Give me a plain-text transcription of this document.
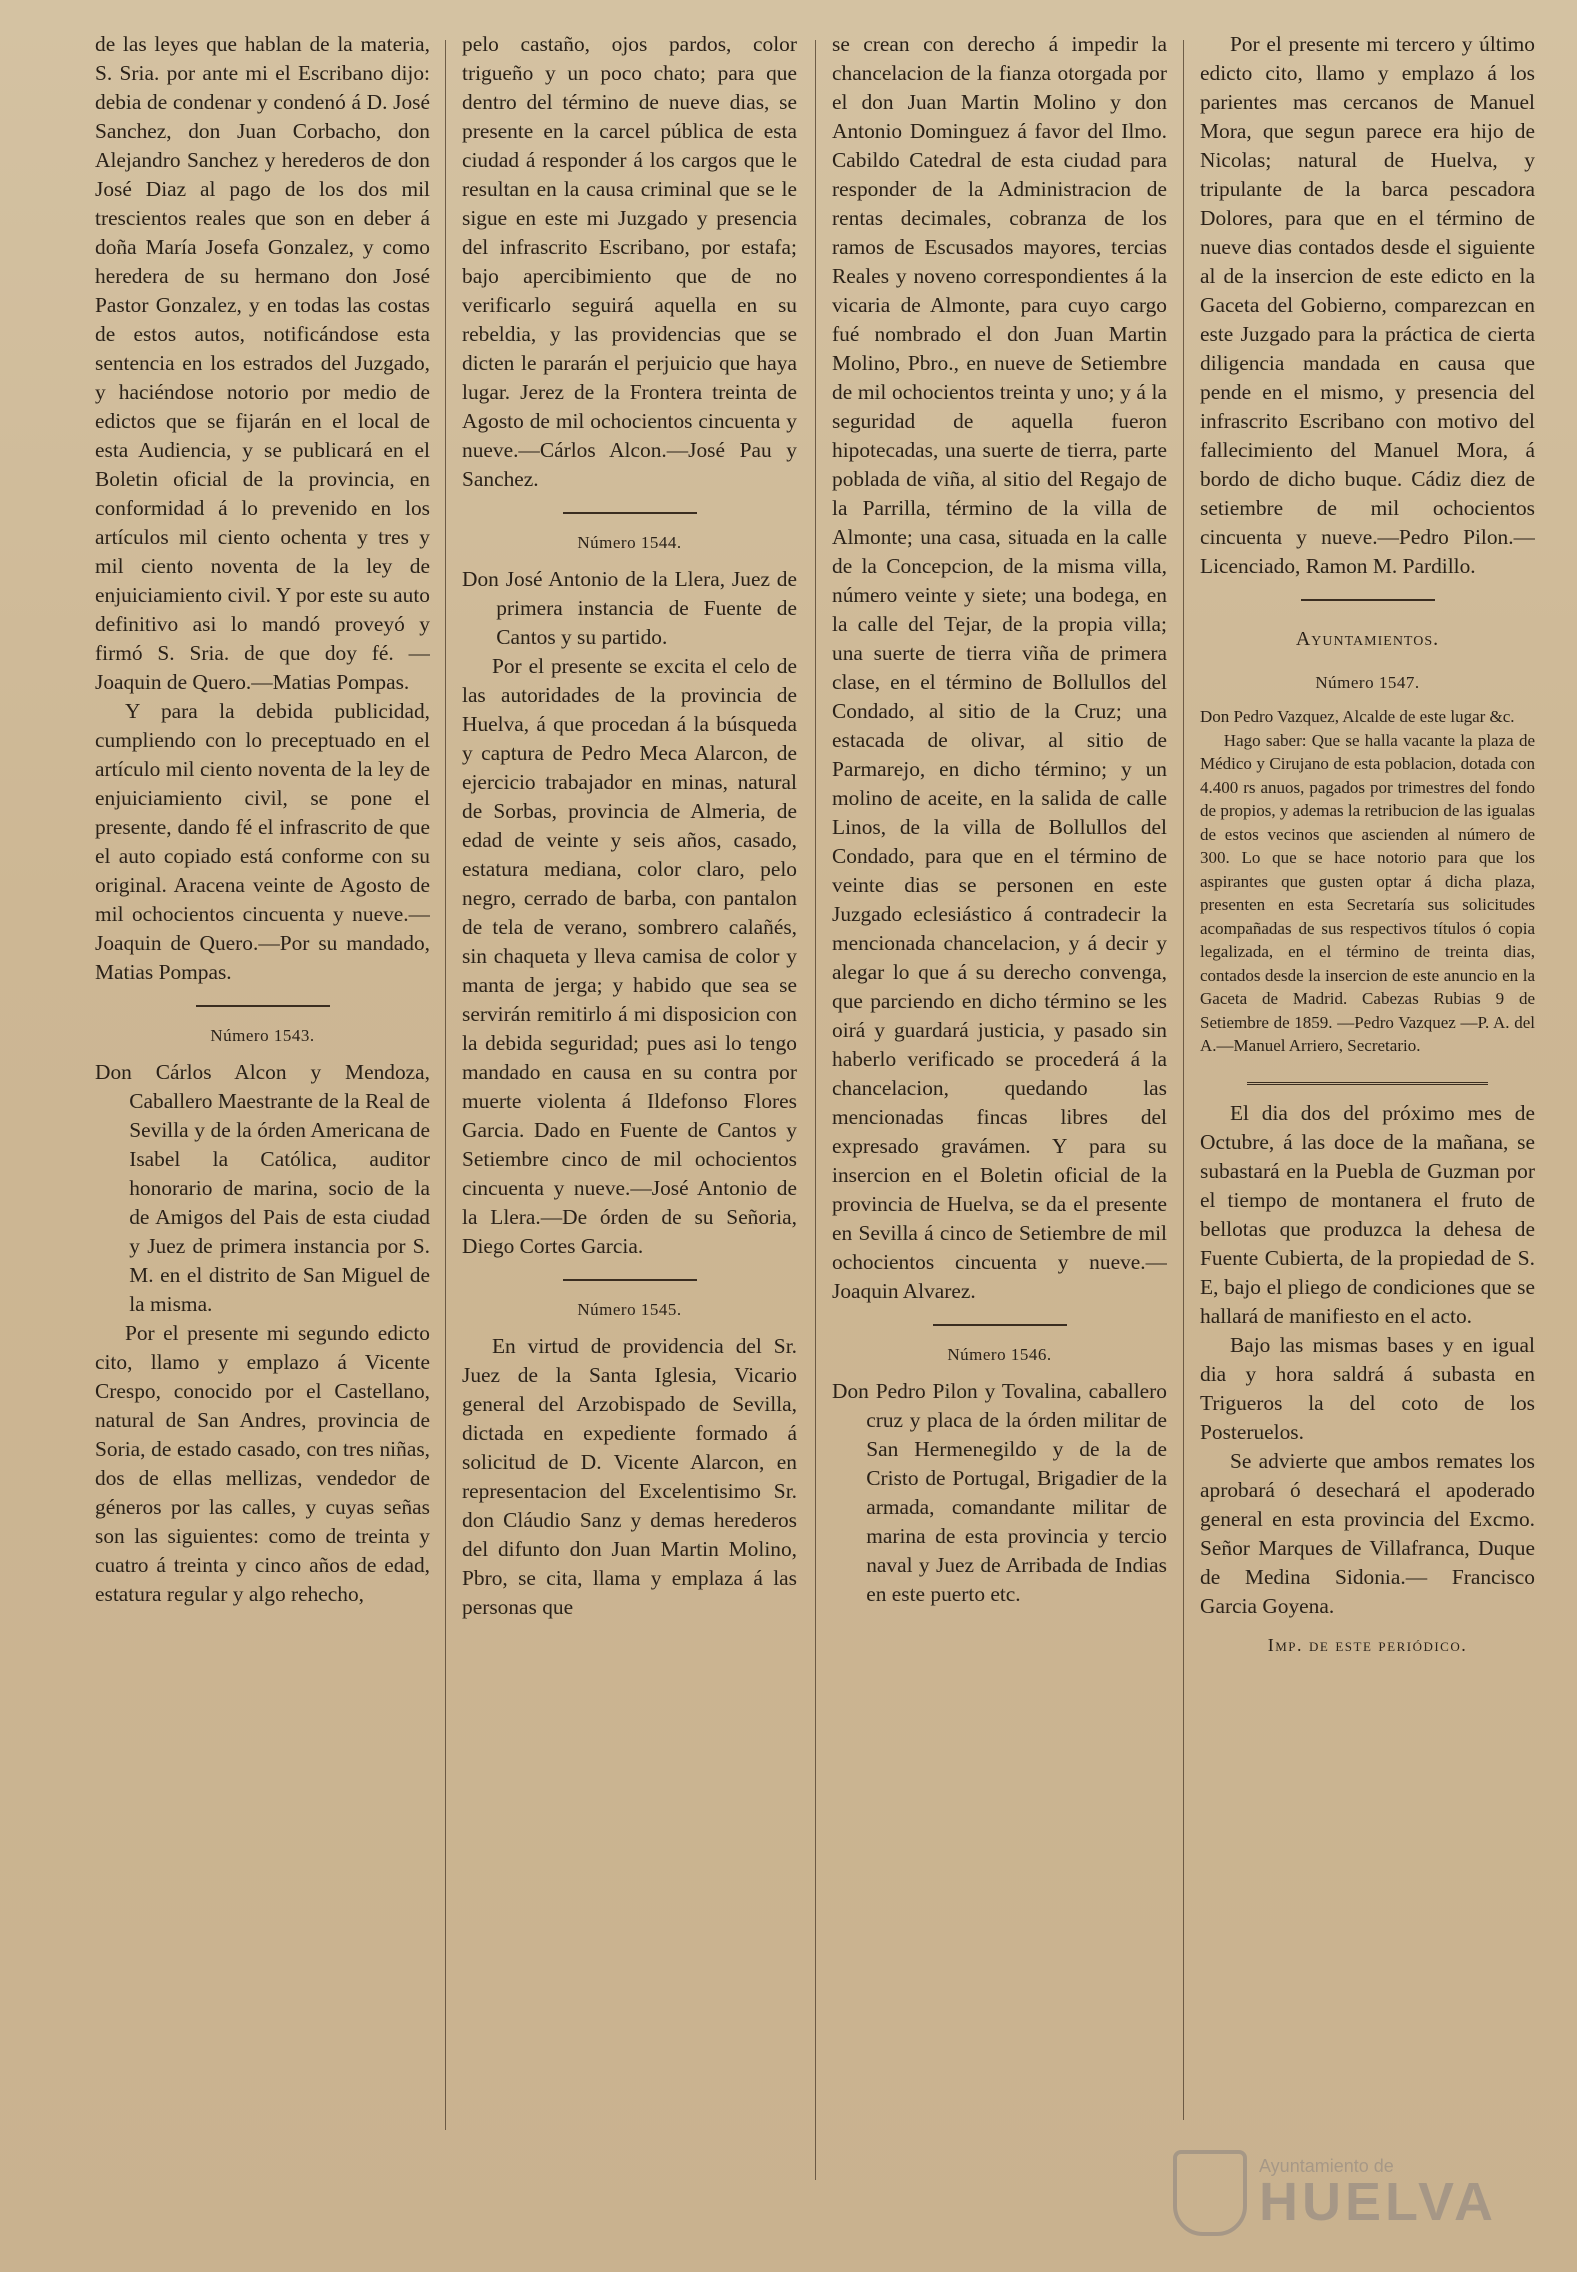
de las leyes que hablan de la materia, S. Sria. por ante mi el Escribano dijo: debia de condenar y condenó á D. José Sanchez, don Juan Corbacho, don Alejandro Sanchez y herederos de don José Diaz al pago de los dos mil trescientos reales que son en deber á doña María Josefa Gonzalez, y como heredera de su hermano don José Pastor Gonzalez, y en todas las costas de estos autos, notificándose esta sentencia en los estrados del Juzgado, y haciéndose notorio por medio de edictos que se fijarán en el local de esta Audiencia, y se publicará en el Boletin oficial de la provincia, en conformidad á lo prevenido en los artículos mil ciento ochenta y tres y mil ciento noventa de la ley de enjuiciamiento civil. Y por este su auto definitivo asi lo mandó proveyó y firmó S. Sria. de que doy fé. —Joaquin de Quero.—Matias Pompas.

Y para la debida publicidad, cumpliendo con lo preceptuado en el artículo mil ciento noventa de la ley de enjuiciamiento civil, se pone el presente, dando fé el infrascrito de que el auto copiado está conforme con su original. Aracena veinte de Agosto de mil ochocientos cincuenta y nueve.—Joaquin de Quero.—Por su mandado, Matias Pompas.

Número 1543.

Don Cárlos Alcon y Mendoza, Caballero Maestrante de la Real de Sevilla y de la órden Americana de Isabel la Católica, auditor honorario de marina, socio de la de Amigos del Pais de esta ciudad y Juez de primera instancia por S. M. en el distrito de San Miguel de la misma.

Por el presente mi segundo edicto cito, llamo y emplazo á Vicente Crespo, conocido por el Castellano, natural de San Andres, provincia de Soria, de estado casado, con tres niñas, dos de ellas mellizas, vendedor de géneros por las calles, y cuyas señas son las siguientes: como de treinta y cuatro á treinta y cinco años de edad, estatura regular y algo rehecho,

pelo castaño, ojos pardos, color trigueño y un poco chato; para que dentro del término de nueve dias, se presente en la carcel pública de esta ciudad á responder á los cargos que le resultan en la causa criminal que se le sigue en este mi Juzgado y presencia del infrascrito Escribano, por estafa; bajo apercibimiento que de no verificarlo seguirá aquella en su rebeldia, y las providencias que se dicten le pararán el perjuicio que haya lugar. Jerez de la Frontera treinta de Agosto de mil ochocientos cincuenta y nueve.—Cárlos Alcon.—José Pau y Sanchez.

Número 1544.

Don José Antonio de la Llera, Juez de primera instancia de Fuente de Cantos y su partido.

Por el presente se excita el celo de las autoridades de la provincia de Huelva, á que procedan á la búsqueda y captura de Pedro Meca Alarcon, de ejercicio trabajador en minas, natural de Sorbas, provincia de Almeria, de edad de veinte y seis años, casado, estatura mediana, color claro, pelo negro, cerrado de barba, con pantalon de tela de verano, sombrero calañés, sin chaqueta y lleva camisa de color y manta de jerga; y habido que sea se servirán remitirlo á mi disposicion con la debida seguridad; pues asi lo tengo mandado en causa en su contra por muerte violenta á Ildefonso Flores Garcia. Dado en Fuente de Cantos y Setiembre cinco de mil ochocientos cincuenta y nueve.—José Antonio de la Llera.—De órden de su Señoria, Diego Cortes Garcia.

Número 1545.

En virtud de providencia del Sr. Juez de la Santa Iglesia, Vicario general del Arzobispado de Sevilla, dictada en expediente formado á solicitud de D. Vicente Alarcon, en representacion del Excelentisimo Sr. don Cláudio Sanz y demas herederos del difunto don Juan Martin Molino, Pbro, se cita, llama y emplaza á las personas que

se crean con derecho á impedir la chancelacion de la fianza otorgada por el don Juan Martin Molino y don Antonio Dominguez á favor del Ilmo. Cabildo Catedral de esta ciudad para responder de la Administracion de rentas decimales, cobranza de los ramos de Escusados mayores, tercias Reales y noveno correspondientes á la vicaria de Almonte, para cuyo cargo fué nombrado el don Juan Martin Molino, Pbro., en nueve de Setiembre de mil ochocientos treinta y uno; y á la seguridad de aquella fueron hipotecadas, una suerte de tierra, parte poblada de viña, al sitio del Regajo de la Parrilla, término de la villa de Almonte; una casa, situada en la calle de la Concepcion, de la misma villa, número veinte y siete; una bodega, en la calle del Tejar, de la propia villa; una suerte de tierra viña de primera clase, en el término de Bollullos del Condado, al sitio de la Cruz; una estacada de olivar, al sitio de Parmarejo, en dicho término; y un molino de aceite, en la salida de calle Linos, de la villa de Bollullos del Condado, para que en el término de veinte dias se personen en este Juzgado eclesiástico á contradecir la mencionada chancelacion, y á decir y alegar lo que á su derecho convenga, que parciendo en dicho término se les oirá y guardará justicia, y pasado sin haberlo verificado se procederá á la chancelacion, quedando las mencionadas fincas libres del expresado gravámen. Y para su insercion en el Boletin oficial de la provincia de Huelva, se da el presente en Sevilla á cinco de Setiembre de mil ochocientos cincuenta y nueve.—Joaquin Alvarez.

Número 1546.

Don Pedro Pilon y Tovalina, caballero cruz y placa de la órden militar de San Hermenegildo y de la de Cristo de Portugal, Brigadier de la armada, comandante militar de marina de esta provincia y tercio naval y Juez de Arribada de Indias en este puerto etc.

Por el presente mi tercero y último edicto cito, llamo y emplazo á los parientes mas cercanos de Manuel Mora, que segun parece era hijo de Nicolas; natural de Huelva, y tripulante de la barca pescadora Dolores, para que en el término de nueve dias contados desde el siguiente al de la insercion de este edicto en la Gaceta del Gobierno, comparezcan en este Juzgado para la práctica de cierta diligencia mandada en causa que pende en el mismo, y presencia del infrascrito Escribano con motivo del fallecimiento del Manuel Mora, á bordo de dicho buque. Cádiz diez de setiembre de mil ochocientos cincuenta y nueve.—Pedro Pilon.—Licenciado, Ramon M. Pardillo.

Ayuntamientos.
Número 1547.

Don Pedro Vazquez, Alcalde de este lugar &c.

Hago saber: Que se halla vacante la plaza de Médico y Cirujano de esta poblacion, dotada con 4.400 rs anuos, pagados por trimestres del fondo de propios, y ademas la retribucion de las igualas de estos vecinos que ascienden al número de 300. Lo que se hace notorio para que los aspirantes que gusten optar á dicha plaza, presenten en esta Secretaría sus solicitudes acompañadas de sus respectivos títulos ó copia legalizada, en el término de treinta dias, contados desde la insercion de este anuncio en la Gaceta de Madrid. Cabezas Rubias 9 de Setiembre de 1859. —Pedro Vazquez —P. A. del A.—Manuel Arriero, Secretario.

El dia dos del próximo mes de Octubre, á las doce de la mañana, se subastará en la Puebla de Guzman por el tiempo de montanera el fruto de bellotas que produzca la dehesa de Fuente Cubierta, de la propiedad de S. E, bajo el pliego de condiciones que se hallará de manifiesto en el acto.

Bajo las mismas bases y en igual dia y hora saldrá á subasta en Trigueros la del coto de los Posteruelos.

Se advierte que ambos remates los aprobará ó desechará el apoderado general en esta provincia del Excmo. Señor Marques de Villafranca, Duque de Medina Sidonia.— Francisco Garcia Goyena.

Imp. de este periódico.
Ayuntamiento de
HUELVA
